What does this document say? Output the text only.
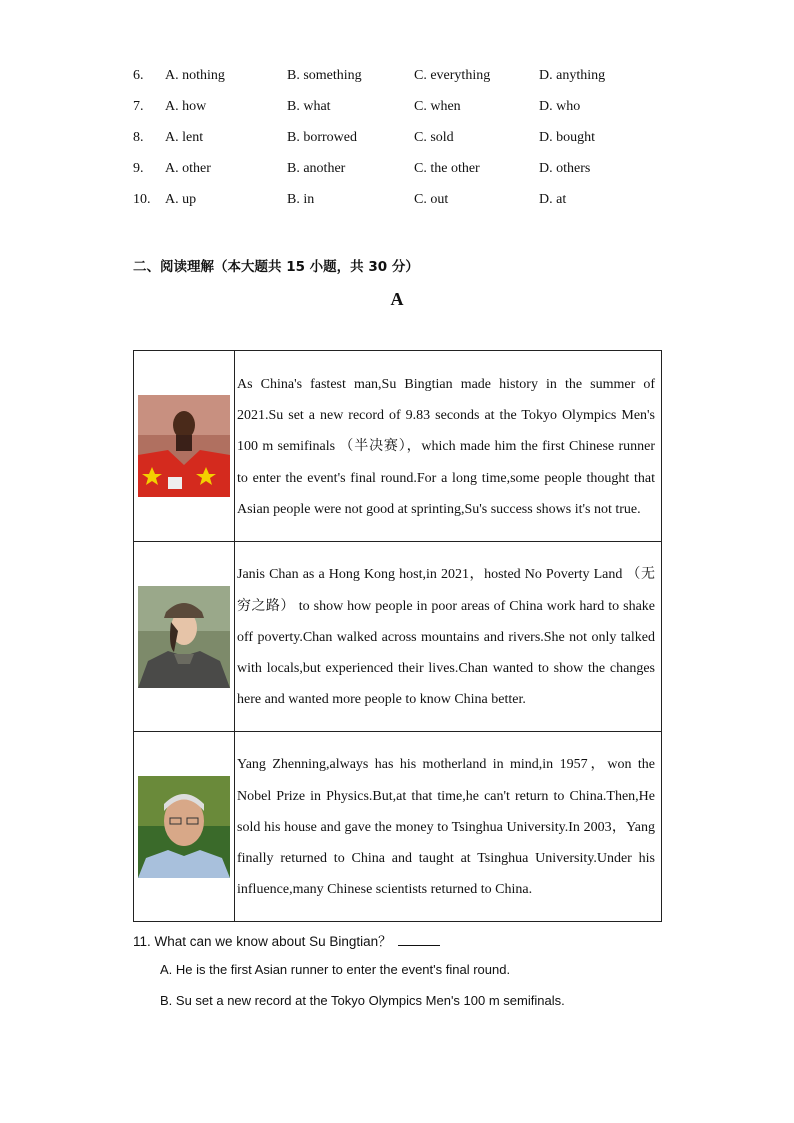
6. A. nothing	B. something	C. everything	D. anything
7. A. how	B. what	C. when	D. who
8. A. lent	B. borrowed	C. sold	D. bought
9. A. other	B. another	C. the other	D. others
10. A. up	B. in	C. out	D. at
二、阅读理解（本大题共 15 小题，共 30 分）
A
	As China's fastest man,Su Bingtian made history in the summer of 2021.Su set a new record of 9.83 seconds at the Tokyo Olympics Men's 100 m semifinals （半决赛），which made him the first Chinese runner to enter the event's final round.For a long time,some people thought that Asian people were not good at sprinting,Su's success shows it's not true.

	Janis Chan as a Hong Kong host,in 2021，hosted No Poverty Land （无穷之路） to show how people in poor areas of China work hard to shake off poverty.Chan walked across mountains and rivers.She not only talked with locals,but experienced their lives.Chan wanted to show the changes here and wanted more people to know China better.

	Yang Zhenning,always has his motherland in mind,in 1957，won the Nobel Prize in Physics.But,at that time,he can't return to China.Then,He sold his house and gave the money to Tsinghua University.In 2003，Yang finally returned to China and taught at Tsinghua University.Under his influence,many Chinese scientists returned to China.
11. What can we know about Su Bingtian？
A. He is the first Asian runner to enter the event's final round.
B. Su set a new record at the Tokyo Olympics Men's 100 m semifinals.
